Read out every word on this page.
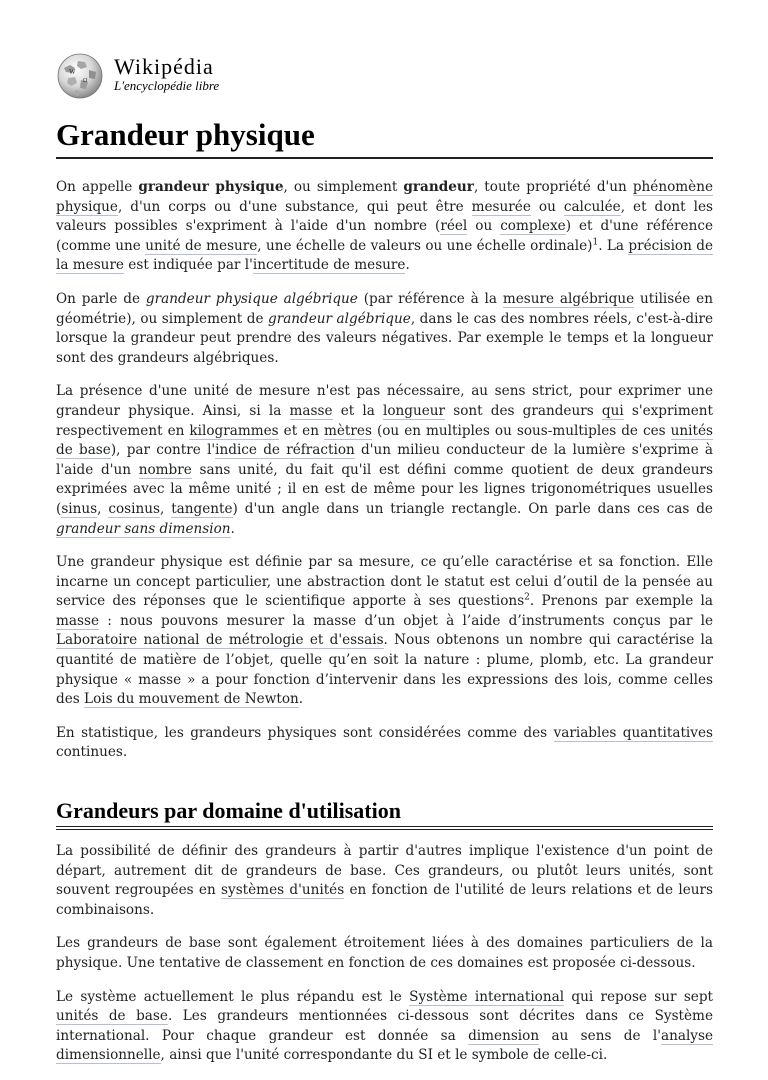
W
Ω
Wikipédia
L'encyclopédie libre
Grandeur physique

On appelle grandeur physique, ou simplement grandeur, toute propriété d'un phénomène physique, d'un corps ou d'une substance, qui peut être mesurée ou calculée, et dont les valeurs possibles s'expriment à l'aide d'un nombre (réel ou complexe) et d'une référence (comme une unité de mesure, une échelle de valeurs ou une échelle ordinale)$^1$. La précision de la mesure est indiquée par l'incertitude de mesure.

On parle de grandeur physique algébrique (par référence à la mesure algébrique utilisée en géométrie), ou simplement de grandeur algébrique, dans le cas des nombres réels, c'est-à-dire lorsque la grandeur peut prendre des valeurs négatives. Par exemple le temps et la longueur sont des grandeurs algébriques.

La présence d'une unité de mesure n'est pas nécessaire, au sens strict, pour exprimer une grandeur physique. Ainsi, si la masse et la longueur sont des grandeurs qui s'expriment respectivement en kilogrammes et en mètres (ou en multiples ou sous-multiples de ces unités de base), par contre l'indice de réfraction d'un milieu conducteur de la lumière s'exprime à l'aide d'un nombre sans unité, du fait qu'il est défini comme quotient de deux grandeurs exprimées avec la même unité ; il en est de même pour les lignes trigonométriques usuelles (sinus, cosinus, tangente) d'un angle dans un triangle rectangle. On parle dans ces cas de grandeur sans dimension.

Une grandeur physique est définie par sa mesure, ce qu’elle caractérise et sa fonction. Elle incarne un concept particulier, une abstraction dont le statut est celui d’outil de la pensée au service des réponses que le scientifique apporte à ses questions$^2$. Prenons par exemple la masse : nous pouvons mesurer la masse d’un objet à l’aide d’instruments conçus par le Laboratoire national de métrologie et d'essais. Nous obtenons un nombre qui caractérise la quantité de matière de l’objet, quelle qu’en soit la nature : plume, plomb, etc. La grandeur physique « masse » a pour fonction d’intervenir dans les expressions des lois, comme celles des Lois du mouvement de Newton.

En statistique, les grandeurs physiques sont considérées comme des variables quantitatives continues.

Grandeurs par domaine d'utilisation

La possibilité de définir des grandeurs à partir d'autres implique l'existence d'un point de départ, autrement dit de grandeurs de base. Ces grandeurs, ou plutôt leurs unités, sont souvent regroupées en systèmes d'unités en fonction de l'utilité de leurs relations et de leurs combinaisons.

Les grandeurs de base sont également étroitement liées à des domaines particuliers de la physique. Une tentative de classement en fonction de ces domaines est proposée ci-dessous.

Le système actuellement le plus répandu est le Système international qui repose sur sept unités de base. Les grandeurs mentionnées ci-dessous sont décrites dans ce Système international. Pour chaque grandeur est donnée sa dimension au sens de l'analyse dimensionnelle, ainsi que l'unité correspondante du SI et le symbole de celle-ci.
